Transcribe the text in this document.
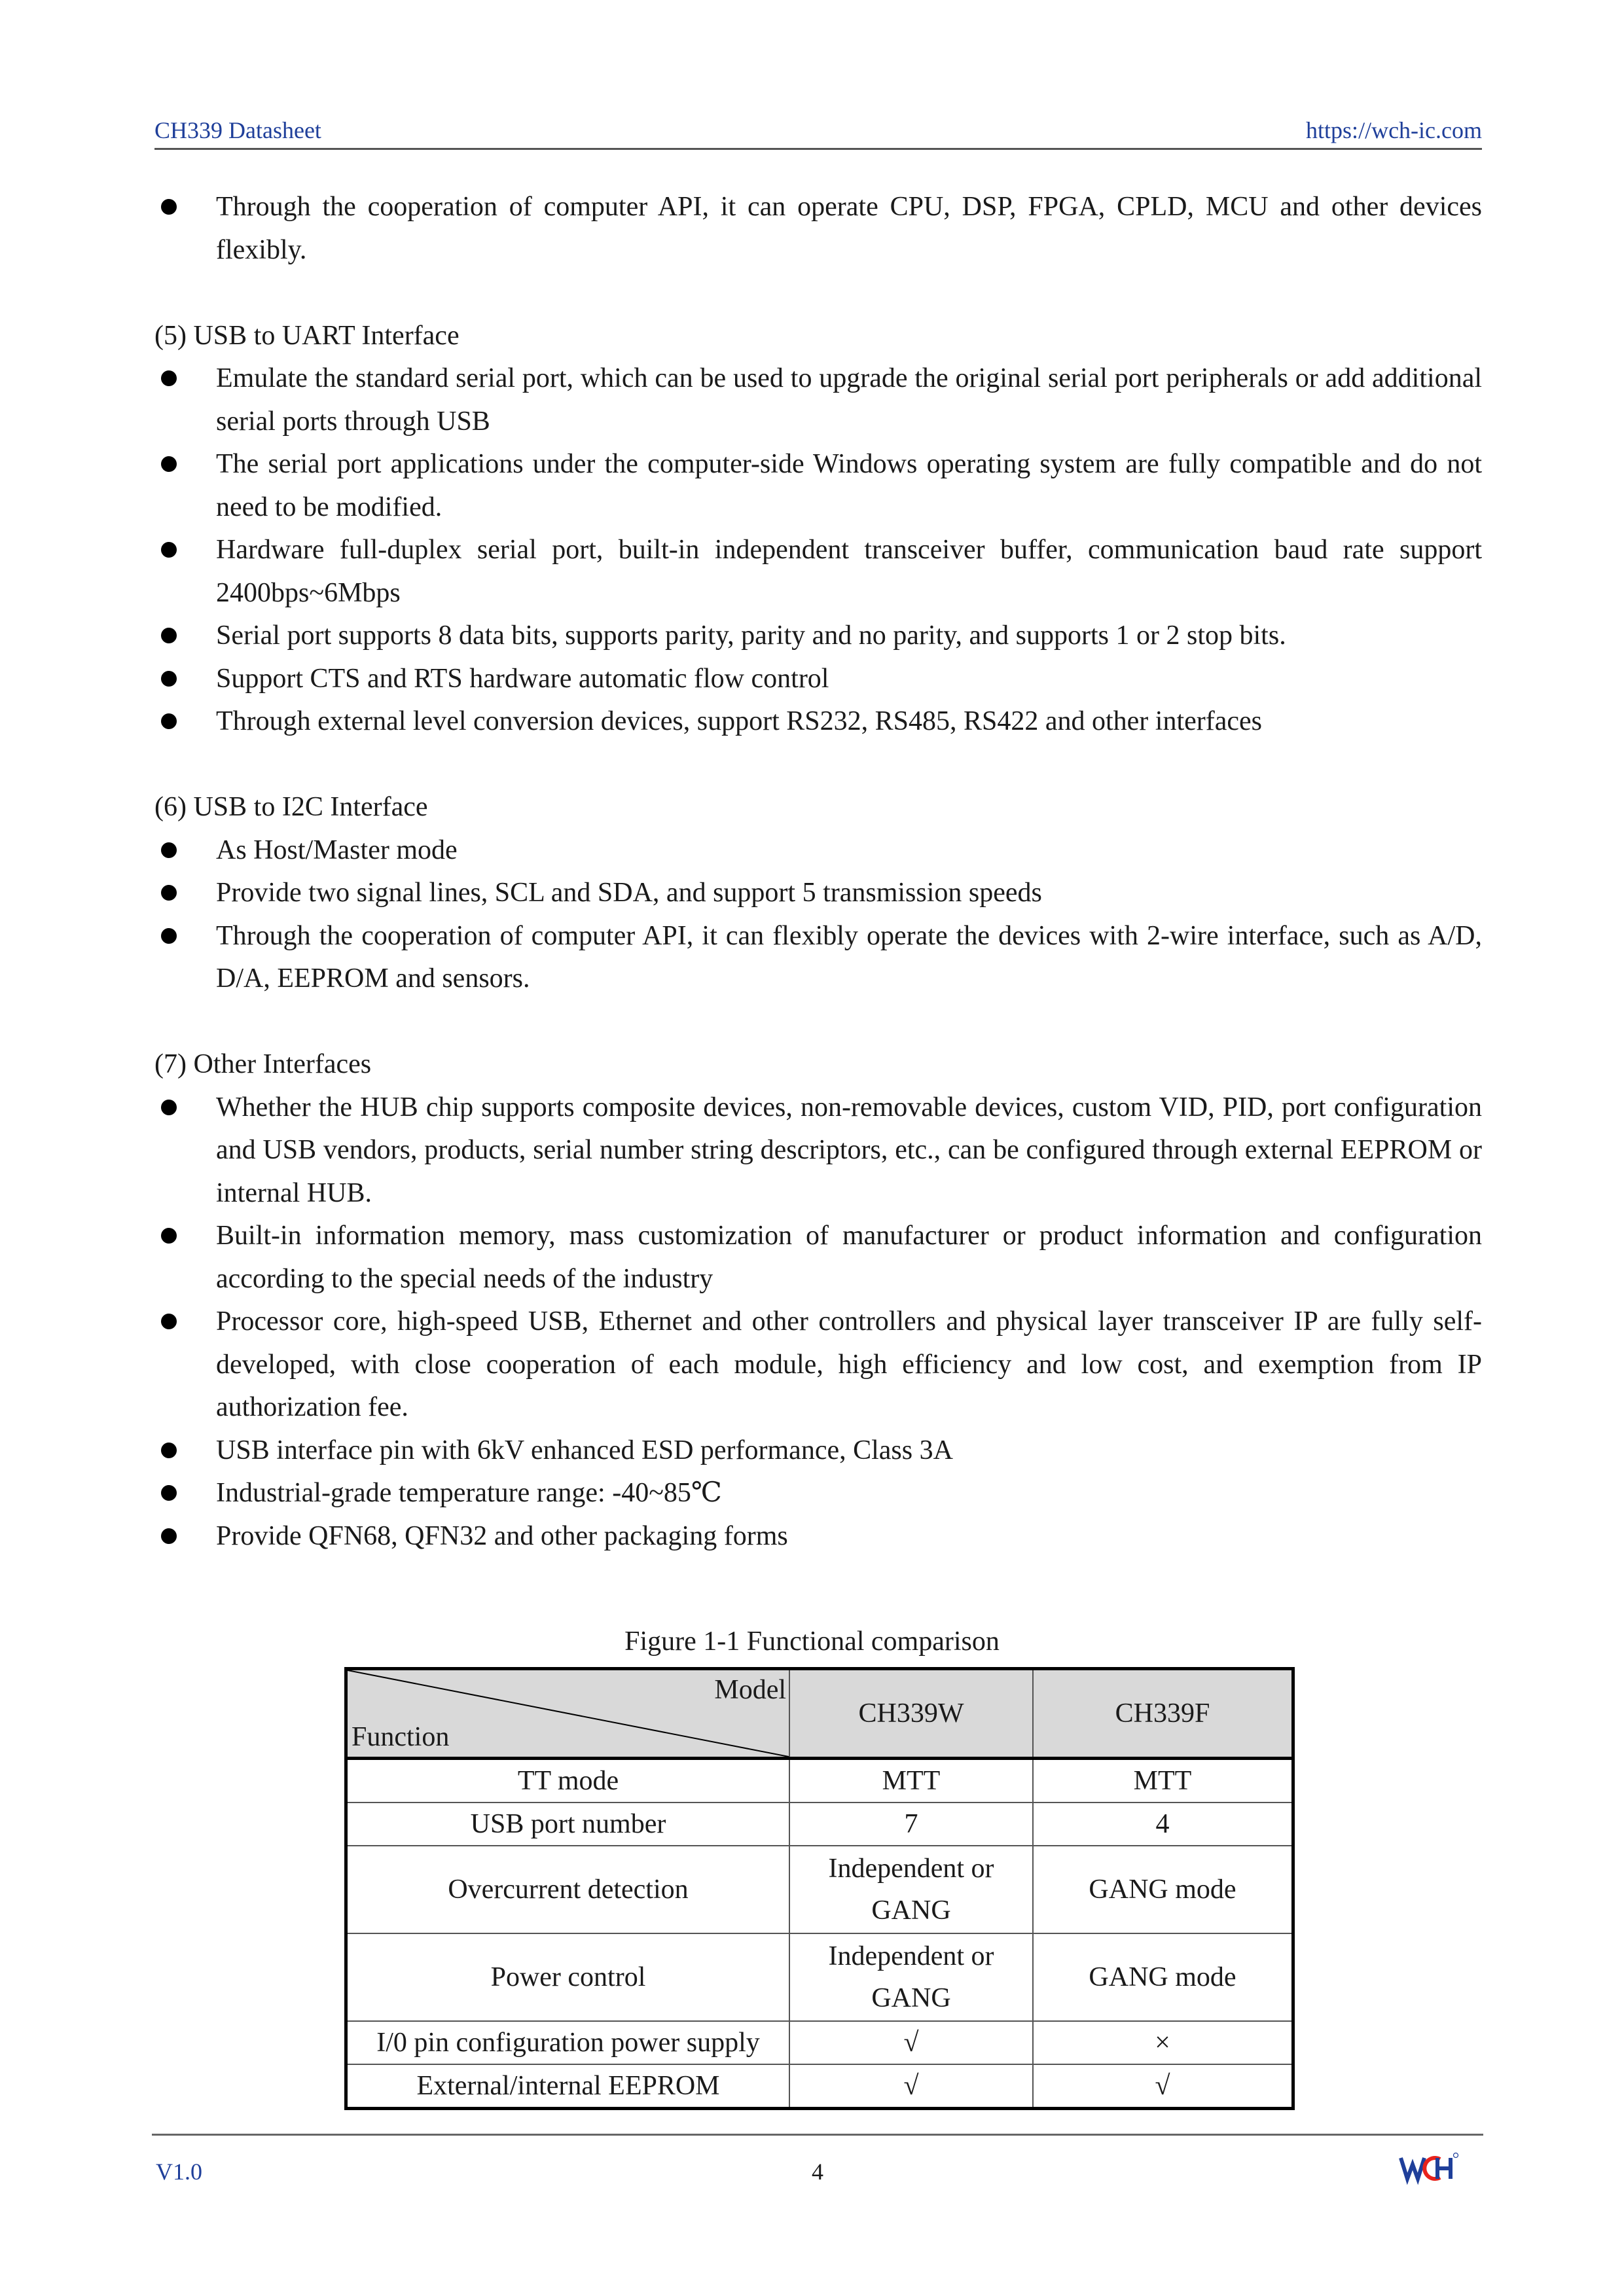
CH339 Datasheet	https://wch-ic.com
Through the cooperation of computer API, it can operate CPU, DSP, FPGA, CPLD, MCU and other devices flexibly.
(5) USB to UART Interface
Emulate the standard serial port, which can be used to upgrade the original serial port peripherals or add additional serial ports through USB
The serial port applications under the computer-side Windows operating system are fully compatible and do not need to be modified.
Hardware full-duplex serial port, built-in independent transceiver buffer, communication baud rate support 2400bps~6Mbps
Serial port supports 8 data bits, supports parity, parity and no parity, and supports 1 or 2 stop bits.
Support CTS and RTS hardware automatic flow control
Through external level conversion devices, support RS232, RS485, RS422 and other interfaces
(6) USB to I2C Interface
As Host/Master mode
Provide two signal lines, SCL and SDA, and support 5 transmission speeds
Through the cooperation of computer API, it can flexibly operate the devices with 2-wire interface, such as A/D, D/A, EEPROM and sensors.
(7) Other Interfaces
Whether the HUB chip supports composite devices, non-removable devices, custom VID, PID, port configuration and USB vendors, products, serial number string descriptors, etc., can be configured through external EEPROM or internal HUB.
Built-in information memory, mass customization of manufacturer or product information and configuration according to the special needs of the industry
Processor core, high-speed USB, Ethernet and other controllers and physical layer transceiver IP are fully self-developed, with close cooperation of each module, high efficiency and low cost, and exemption from IP authorization fee.
USB interface pin with 6kV enhanced ESD performance, Class 3A
Industrial-grade temperature range: -40~85℃
Provide QFN68, QFN32 and other packaging forms
Figure 1-1 Functional comparison
Model
Function	CH339W	CH339F
TT mode	MTT	MTT
USB port number	7	4
Overcurrent detection	Independent or GANG	GANG mode
Power control	Independent or GANG	GANG mode
I/0 pin configuration power supply	√	×
External/internal EEPROM	√	√
V1.0	4
